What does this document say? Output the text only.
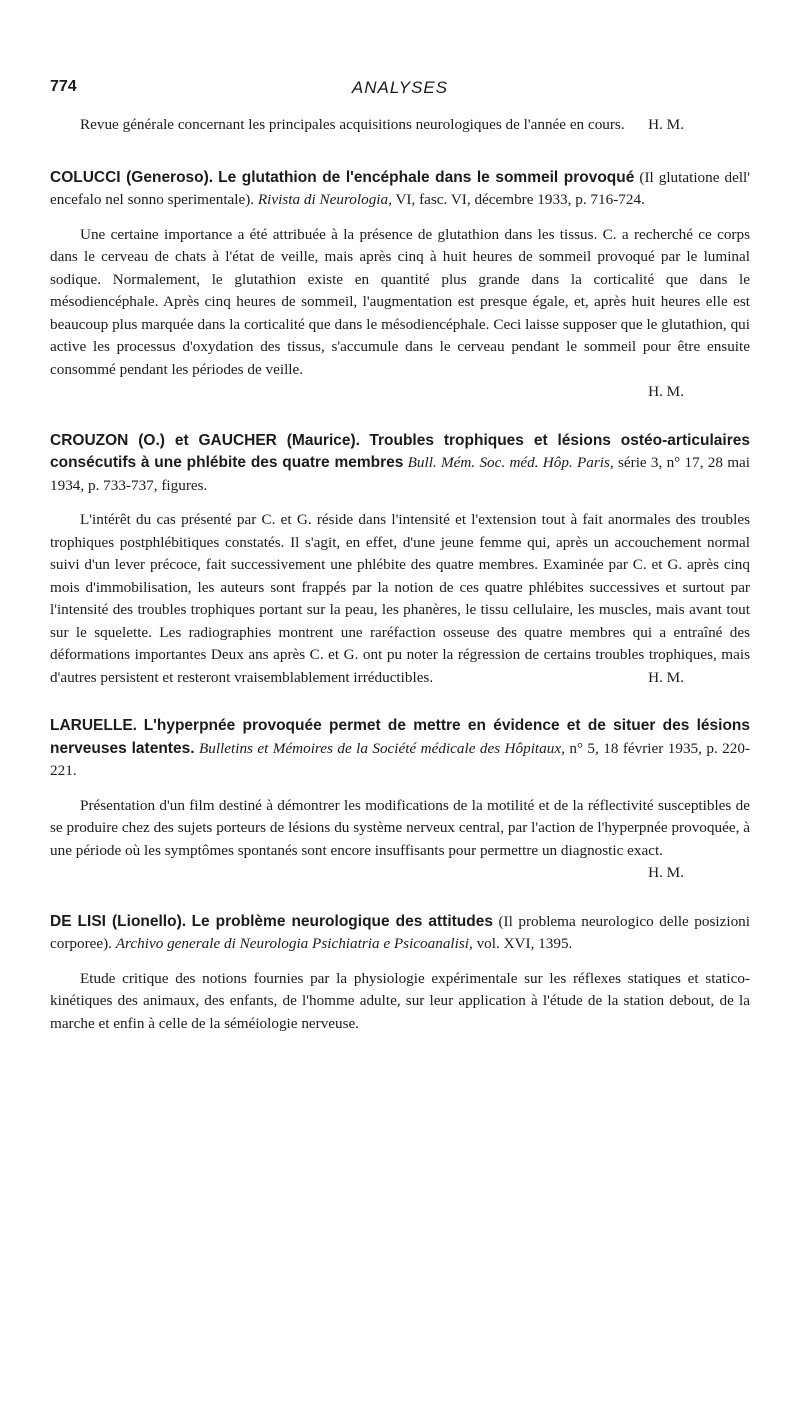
774	ANALYSES

Revue générale concernant les principales acquisitions neurologiques de l'année en cours.	H. M.

COLUCCI (Generoso). Le glutathion de l'encéphale dans le sommeil provoqué (Il glutatione dell' encefalo nel sonno sperimentale). Rivista di Neurologia, VI, fasc. VI, décembre 1933, p. 716-724.

Une certaine importance a été attribuée à la présence de glutathion dans les tissus. C. a recherché ce corps dans le cerveau de chats à l'état de veille, mais après cinq à huit heures de sommeil provoqué par le luminal sodique. Normalement, le glutathion existe en quantité plus grande dans la corticalité que dans le mésodiencéphale. Après cinq heures de sommeil, l'augmentation est presque égale, et, après huit heures elle est beaucoup plus marquée dans la corticalité que dans le mésodiencéphale. Ceci laisse supposer que le glutathion, qui active les processus d'oxydation des tissus, s'accumule dans le cerveau pendant le sommeil pour être ensuite consommé pendant les périodes de veille.

H. M.

CROUZON (O.) et GAUCHER (Maurice). Troubles trophiques et lésions ostéo-articulaires consécutifs à une phlébite des quatre membres Bull. Mém. Soc. méd. Hôp. Paris, série 3, n° 17, 28 mai 1934, p. 733-737, figures.

L'intérêt du cas présenté par C. et G. réside dans l'intensité et l'extension tout à fait anormales des troubles trophiques postphlébitiques constatés. Il s'agit, en effet, d'une jeune femme qui, après un accouchement normal suivi d'un lever précoce, fait successivement une phlébite des quatre membres. Examinée par C. et G. après cinq mois d'immobilisation, les auteurs sont frappés par la notion de ces quatre phlébites successives et surtout par l'intensité des troubles trophiques portant sur la peau, les phanères, le tissu cellulaire, les muscles, mais avant tout sur le squelette. Les radiographies montrent une raréfaction osseuse des quatre membres qui a entraîné des déformations importantes Deux ans après C. et G. ont pu noter la régression de certains troubles trophiques, mais d'autres persistent et resteront vraisemblablement irréductibles.	H. M.

LARUELLE. L'hyperpnée provoquée permet de mettre en évidence et de situer des lésions nerveuses latentes. Bulletins et Mémoires de la Société médicale des Hôpitaux, n° 5, 18 février 1935, p. 220-221.

Présentation d'un film destiné à démontrer les modifications de la motilité et de la réflectivité susceptibles de se produire chez des sujets porteurs de lésions du système nerveux central, par l'action de l'hyperpnée provoquée, à une période où les symptômes spontanés sont encore insuffisants pour permettre un diagnostic exact.

H. M.

DE LISI (Lionello). Le problème neurologique des attitudes (Il problema neurologico delle posizioni corporee). Archivo generale di Neurologia Psichiatria e Psicoanalisi, vol. XVI, 1395.

Etude critique des notions fournies par la physiologie expérimentale sur les réflexes statiques et statico-kinétiques des animaux, des enfants, de l'homme adulte, sur leur application à l'étude de la station debout, de la marche et enfin à celle de la séméiologie nerveuse.
